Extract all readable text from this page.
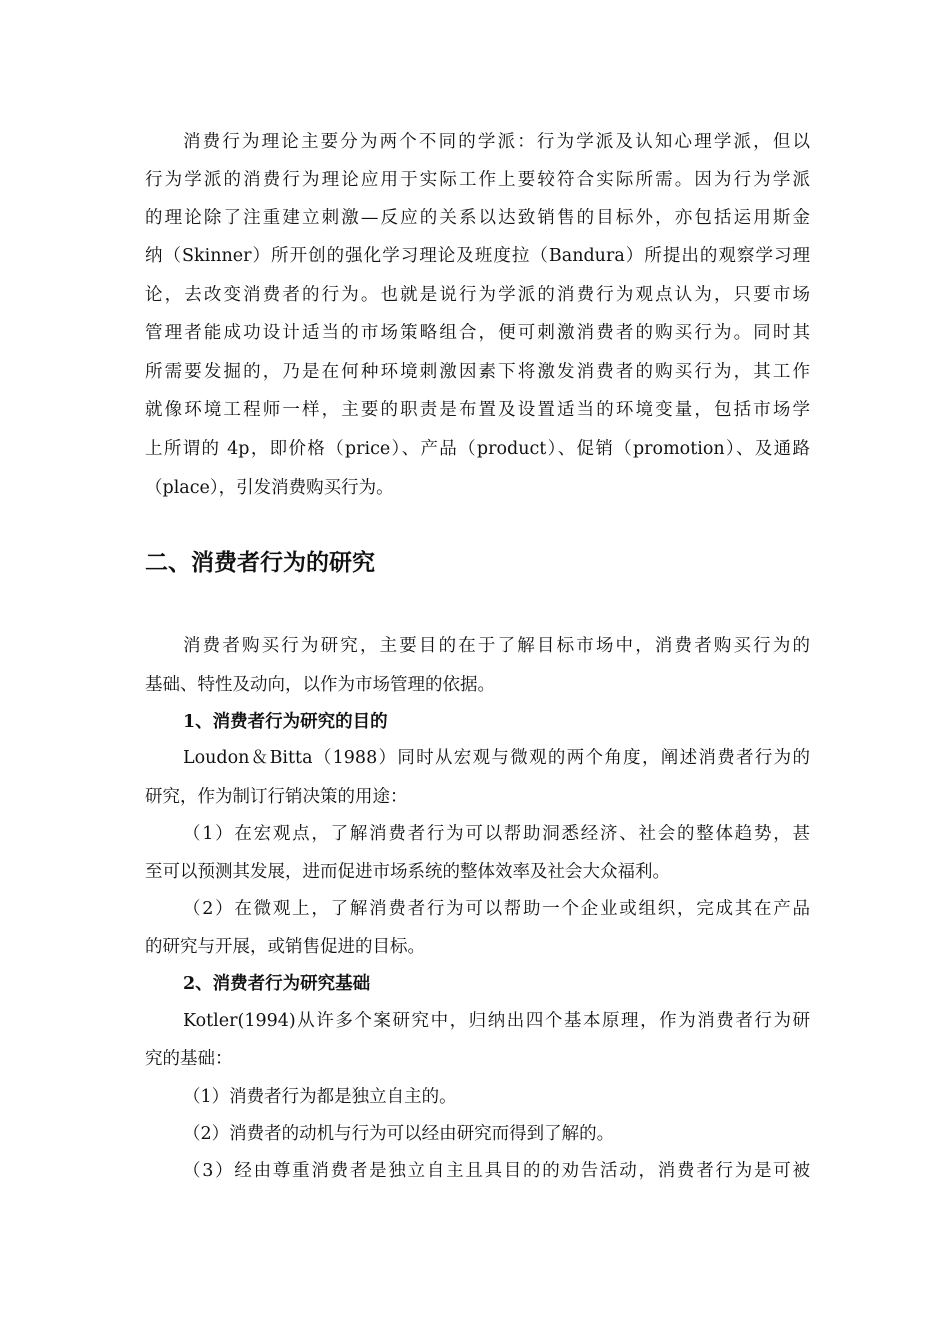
消费行为理论主要分为两个不同的学派：行为学派及认知心理学派，但以
行为学派的消费行为理论应用于实际工作上要较符合实际所需。因为行为学派
的理论除了注重建立刺激—反应的关系以达致销售的目标外，亦包括运用斯金
纳（Skinner）所开创的强化学习理论及班度拉（Bandura）所提出的观察学习理
论，去改变消费者的行为。也就是说行为学派的消费行为观点认为，只要市场
管理者能成功设计适当的市场策略组合，便可刺激消费者的购买行为。同时其
所需要发掘的，乃是在何种环境刺激因素下将激发消费者的购买行为，其工作
就像环境工程师一样，主要的职责是布置及设置适当的环境变量，包括市场学
上所谓的 4p，即价格（price）、产品（product）、促销（promotion）、及通路
（place），引发消费购买行为。
二、消费者行为的研究
消费者购买行为研究，主要目的在于了解目标市场中，消费者购买行为的
基础、特性及动向，以作为市场管理的依据。
1、消费者行为研究的目的
Loudon＆Bitta（1988）同时从宏观与微观的两个角度，阐述消费者行为的
研究，作为制订行销决策的用途：
（1）在宏观点，了解消费者行为可以帮助洞悉经济、社会的整体趋势，甚
至可以预测其发展，进而促进市场系统的整体效率及社会大众福利。
（2）在微观上，了解消费者行为可以帮助一个企业或组织，完成其在产品
的研究与开展，或销售促进的目标。
2、消费者行为研究基础
Kotler(1994)从许多个案研究中，归纳出四个基本原理，作为消费者行为研
究的基础：
（1）消费者行为都是独立自主的。
（2）消费者的动机与行为可以经由研究而得到了解的。
（3）经由尊重消费者是独立自主且具目的的劝告活动，消费者行为是可被
